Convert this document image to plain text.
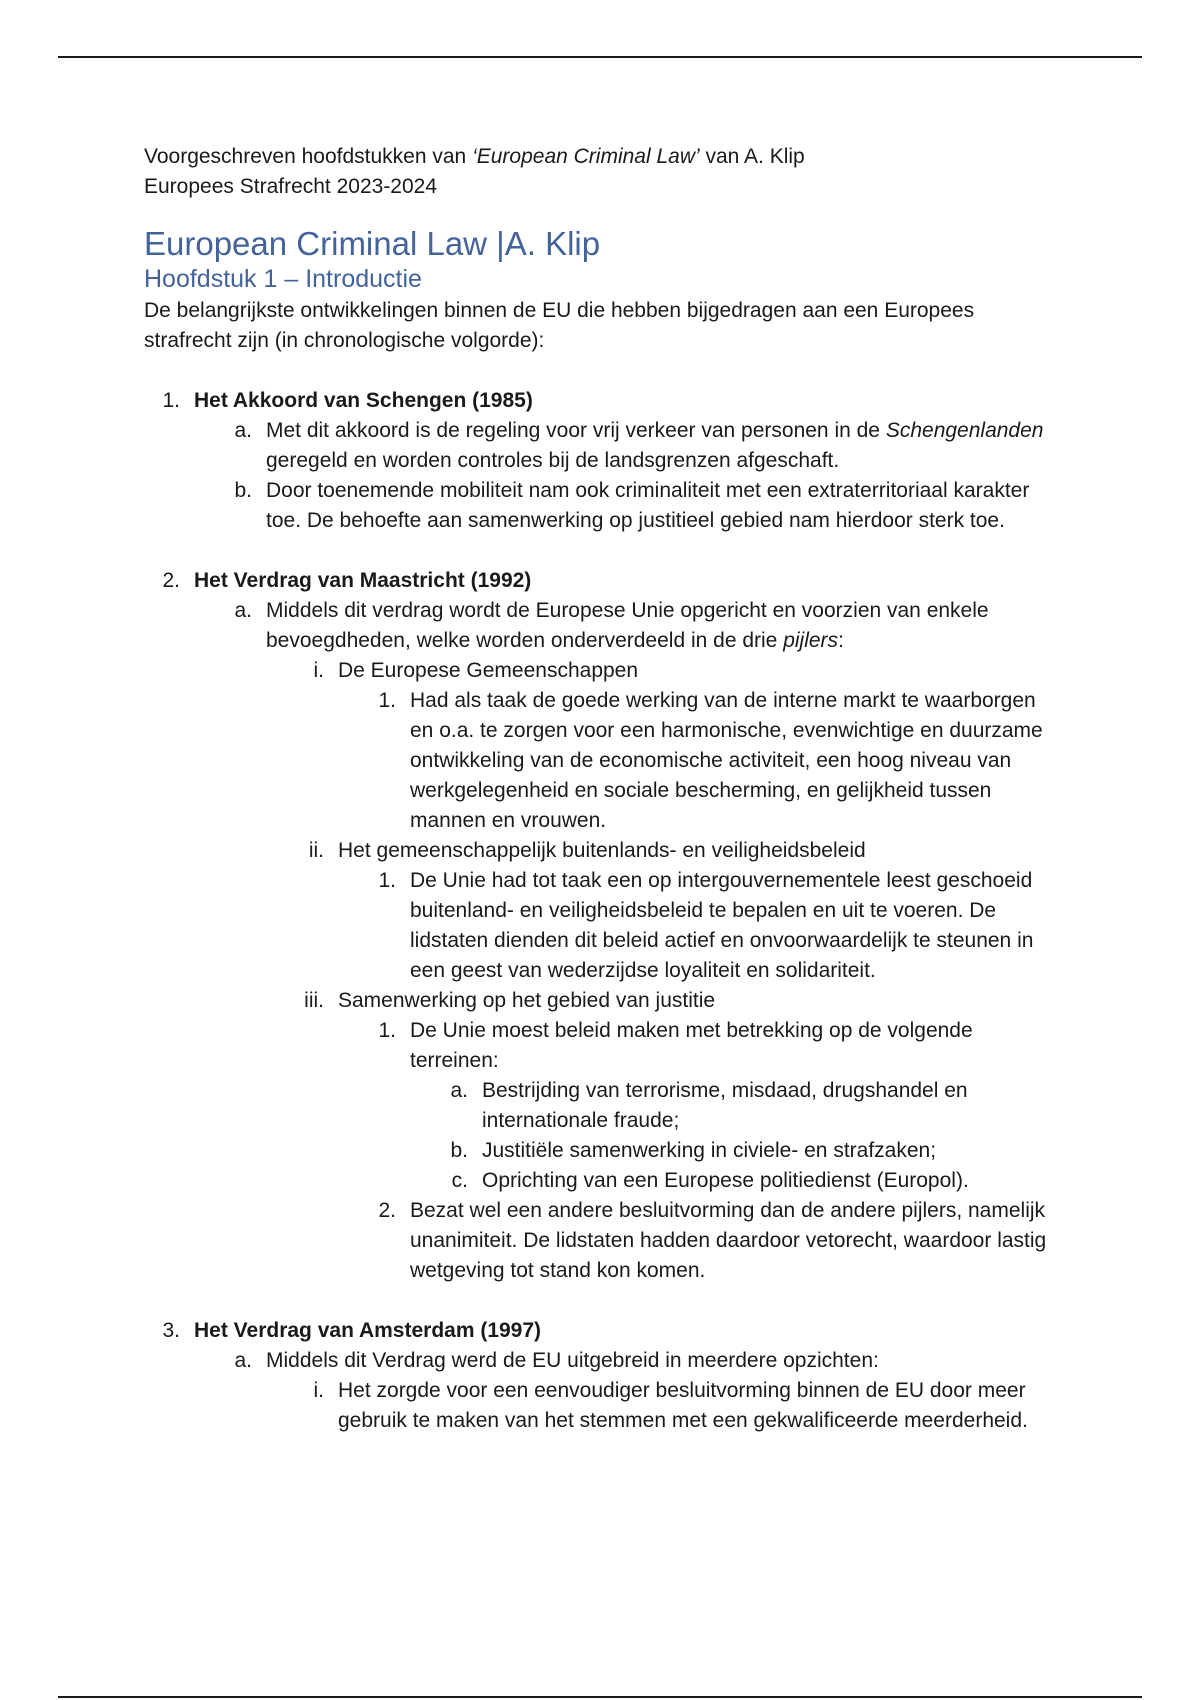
Voorgeschreven hoofdstukken van ‘European Criminal Law’ van A. Klip

Europees Strafrecht 2023-2024

European Criminal Law |A. Klip
Hoofdstuk 1 – Introductie

De belangrijkste ontwikkelingen binnen de EU die hebben bijgedragen aan een Europees strafrecht zijn (in chronologische volgorde):

1. Het Akkoord van Schengen (1985)
a. Met dit akkoord is de regeling voor vrij verkeer van personen in de Schengenlanden geregeld en worden controles bij de landsgrenzen afgeschaft.
b. Door toenemende mobiliteit nam ook criminaliteit met een extraterritoriaal karakter toe. De behoefte aan samenwerking op justitieel gebied nam hierdoor sterk toe.
2. Het Verdrag van Maastricht (1992)
a. Middels dit verdrag wordt de Europese Unie opgericht en voorzien van enkele bevoegdheden, welke worden onderverdeeld in de drie pijlers:
i. De Europese Gemeenschappen
1. Had als taak de goede werking van de interne markt te waarborgen en o.a. te zorgen voor een harmonische, evenwichtige en duurzame ontwikkeling van de economische activiteit, een hoog niveau van werkgelegenheid en sociale bescherming, en gelijkheid tussen mannen en vrouwen.
ii. Het gemeenschappelijk buitenlands- en veiligheidsbeleid
1. De Unie had tot taak een op intergouvernementele leest geschoeid buitenland- en veiligheidsbeleid te bepalen en uit te voeren. De lidstaten dienden dit beleid actief en onvoorwaardelijk te steunen in een geest van wederzijdse loyaliteit en solidariteit.
iii. Samenwerking op het gebied van justitie
1. De Unie moest beleid maken met betrekking op de volgende terreinen:
a. Bestrijding van terrorisme, misdaad, drugshandel en internationale fraude;
b. Justitiële samenwerking in civiele- en strafzaken;
c. Oprichting van een Europese politiedienst (Europol).
2. Bezat wel een andere besluitvorming dan de andere pijlers, namelijk unanimiteit. De lidstaten hadden daardoor vetorecht, waardoor lastig wetgeving tot stand kon komen.
3. Het Verdrag van Amsterdam (1997)
a. Middels dit Verdrag werd de EU uitgebreid in meerdere opzichten:
i. Het zorgde voor een eenvoudiger besluitvorming binnen de EU door meer gebruik te maken van het stemmen met een gekwalificeerde meerderheid.
